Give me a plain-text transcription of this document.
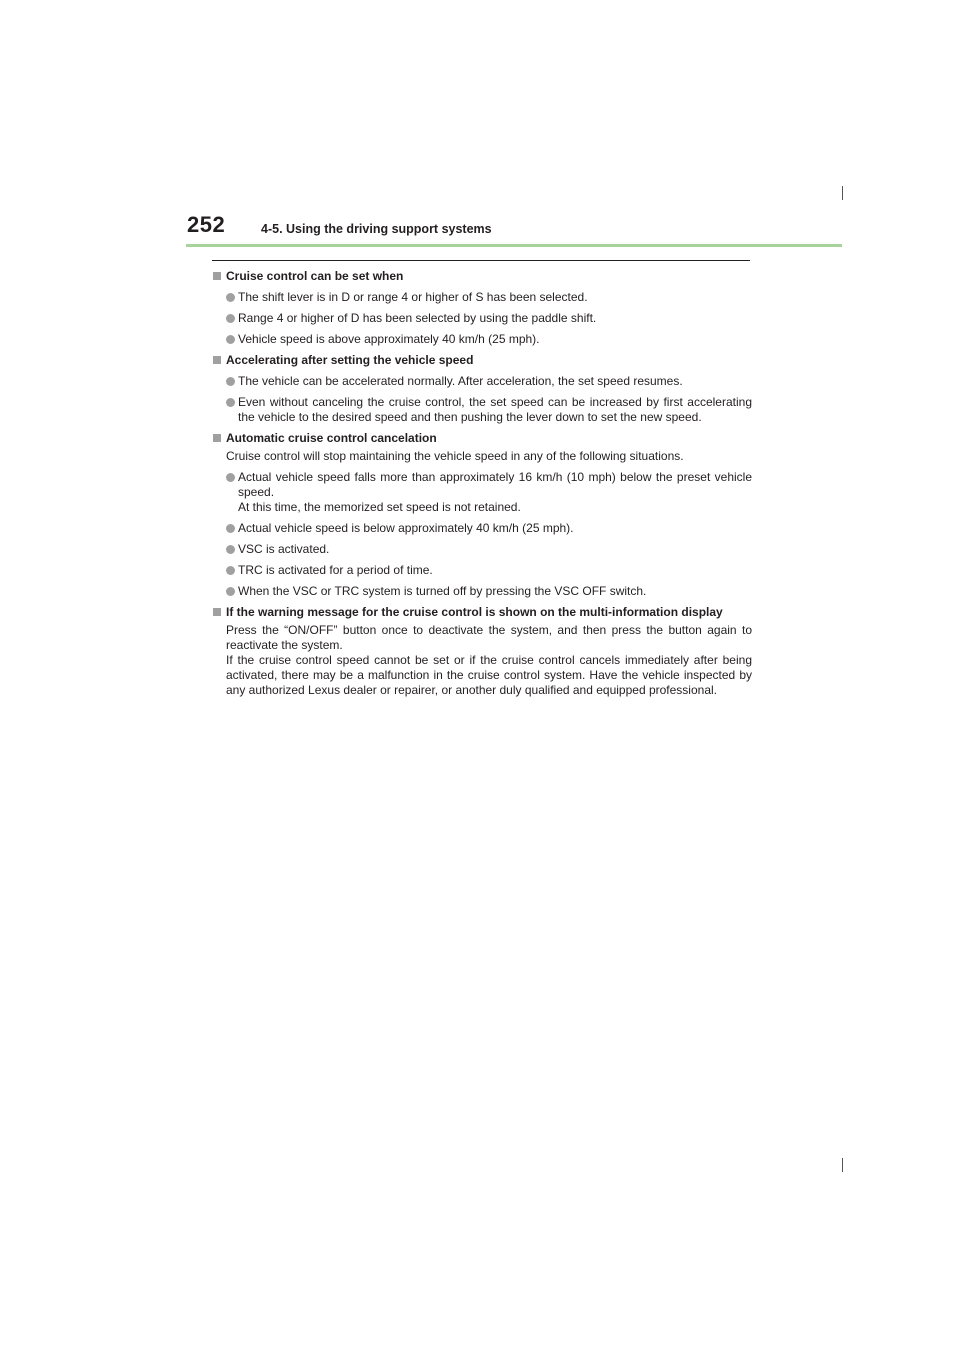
252	4-5. Using the driving support systems
Cruise control can be set when
The shift lever is in D or range 4 or higher of S has been selected.
Range 4 or higher of D has been selected by using the paddle shift.
Vehicle speed is above approximately 40 km/h (25 mph).
Accelerating after setting the vehicle speed
The vehicle can be accelerated normally. After acceleration, the set speed resumes.
Even without canceling the cruise control, the set speed can be increased by first accelerating the vehicle to the desired speed and then pushing the lever down to set the new speed.
Automatic cruise control cancelation
Cruise control will stop maintaining the vehicle speed in any of the following situations.
Actual vehicle speed falls more than approximately 16 km/h (10 mph) below the preset vehicle speed.
At this time, the memorized set speed is not retained.
Actual vehicle speed is below approximately 40 km/h (25 mph).
VSC is activated.
TRC is activated for a period of time.
When the VSC or TRC system is turned off by pressing the VSC OFF switch.
If the warning message for the cruise control is shown on the multi-information display
Press the “ON/OFF” button once to deactivate the system, and then press the button again to reactivate the system.
If the cruise control speed cannot be set or if the cruise control cancels immediately after being activated, there may be a malfunction in the cruise control system. Have the vehicle inspected by any authorized Lexus dealer or repairer, or another duly qualified and equipped professional.
